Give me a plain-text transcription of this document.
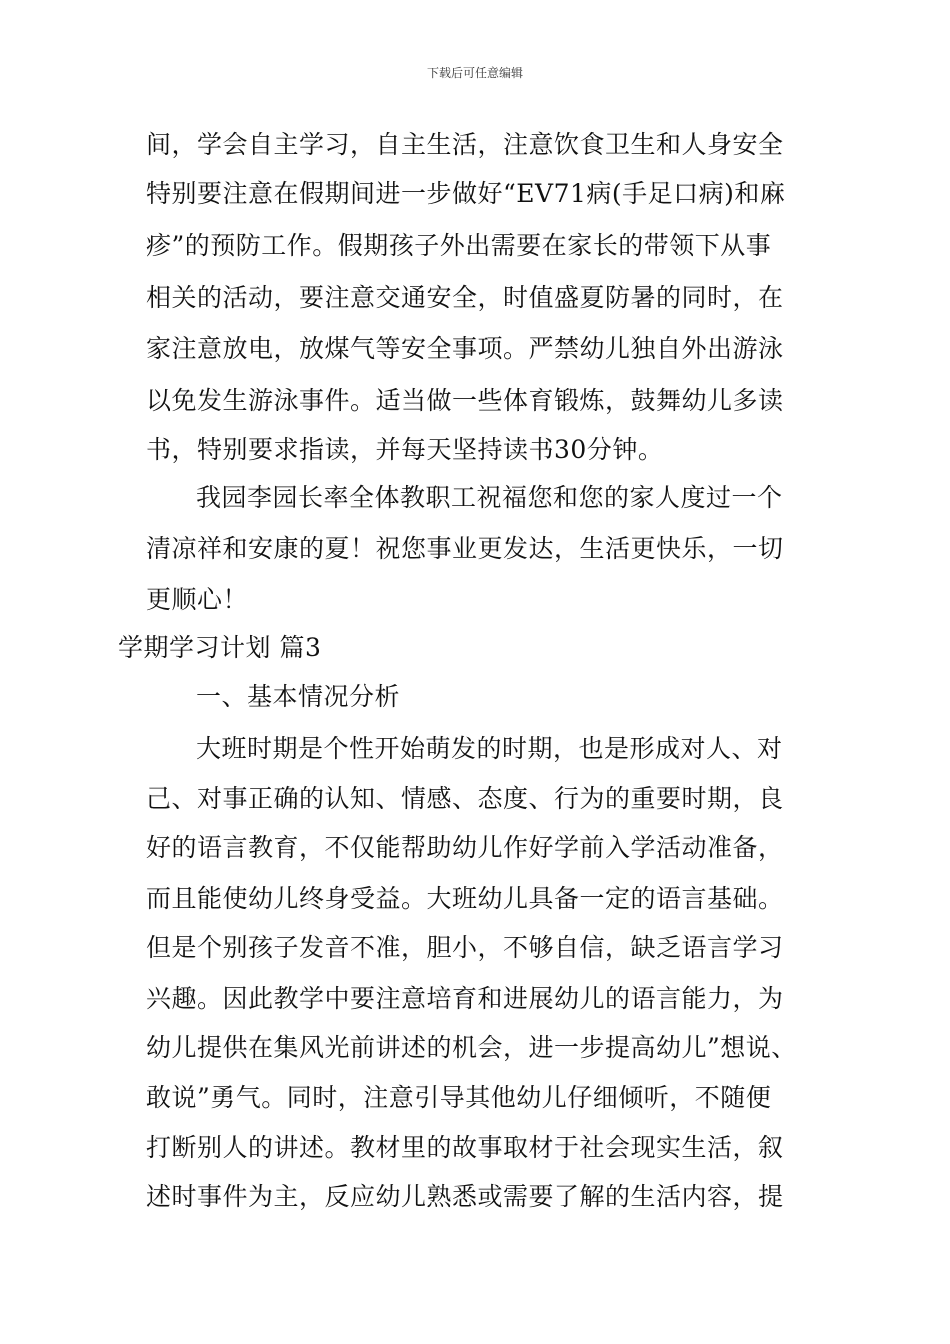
下载后可任意编辑
间，学会自主学习，自主生活，注意饮食卫生和人身安全
特别要注意在假期间进一步做好“EV71病(手足口病)和麻
疹”的预防工作。假期孩子外出需要在家长的带领下从事
相关的活动，要注意交通安全，时值盛夏防暑的同时，在
家注意放电，放煤气等安全事项。严禁幼儿独自外出游泳
以免发生游泳事件。适当做一些体育锻炼，鼓舞幼儿多读
书，特别要求指读，并每天坚持读书30分钟。
我园李园长率全体教职工祝福您和您的家人度过一个
清凉祥和安康的夏！祝您事业更发达，生活更快乐，一切
更顺心！
学期学习计划 篇3
一、基本情况分析
大班时期是个性开始萌发的时期，也是形成对人、对
己、对事正确的认知、情感、态度、行为的重要时期，良
好的语言教育，不仅能帮助幼儿作好学前入学活动准备，
而且能使幼儿终身受益。大班幼儿具备一定的语言基础。
但是个别孩子发音不准，胆小，不够自信，缺乏语言学习
兴趣。因此教学中要注意培育和进展幼儿的语言能力，为
幼儿提供在集风光前讲述的机会，进一步提高幼儿”想说、
敢说”勇气。同时，注意引导其他幼儿仔细倾听，不随便
打断别人的讲述。教材里的故事取材于社会现实生活，叙
述时事件为主，反应幼儿熟悉或需要了解的生活内容，提
